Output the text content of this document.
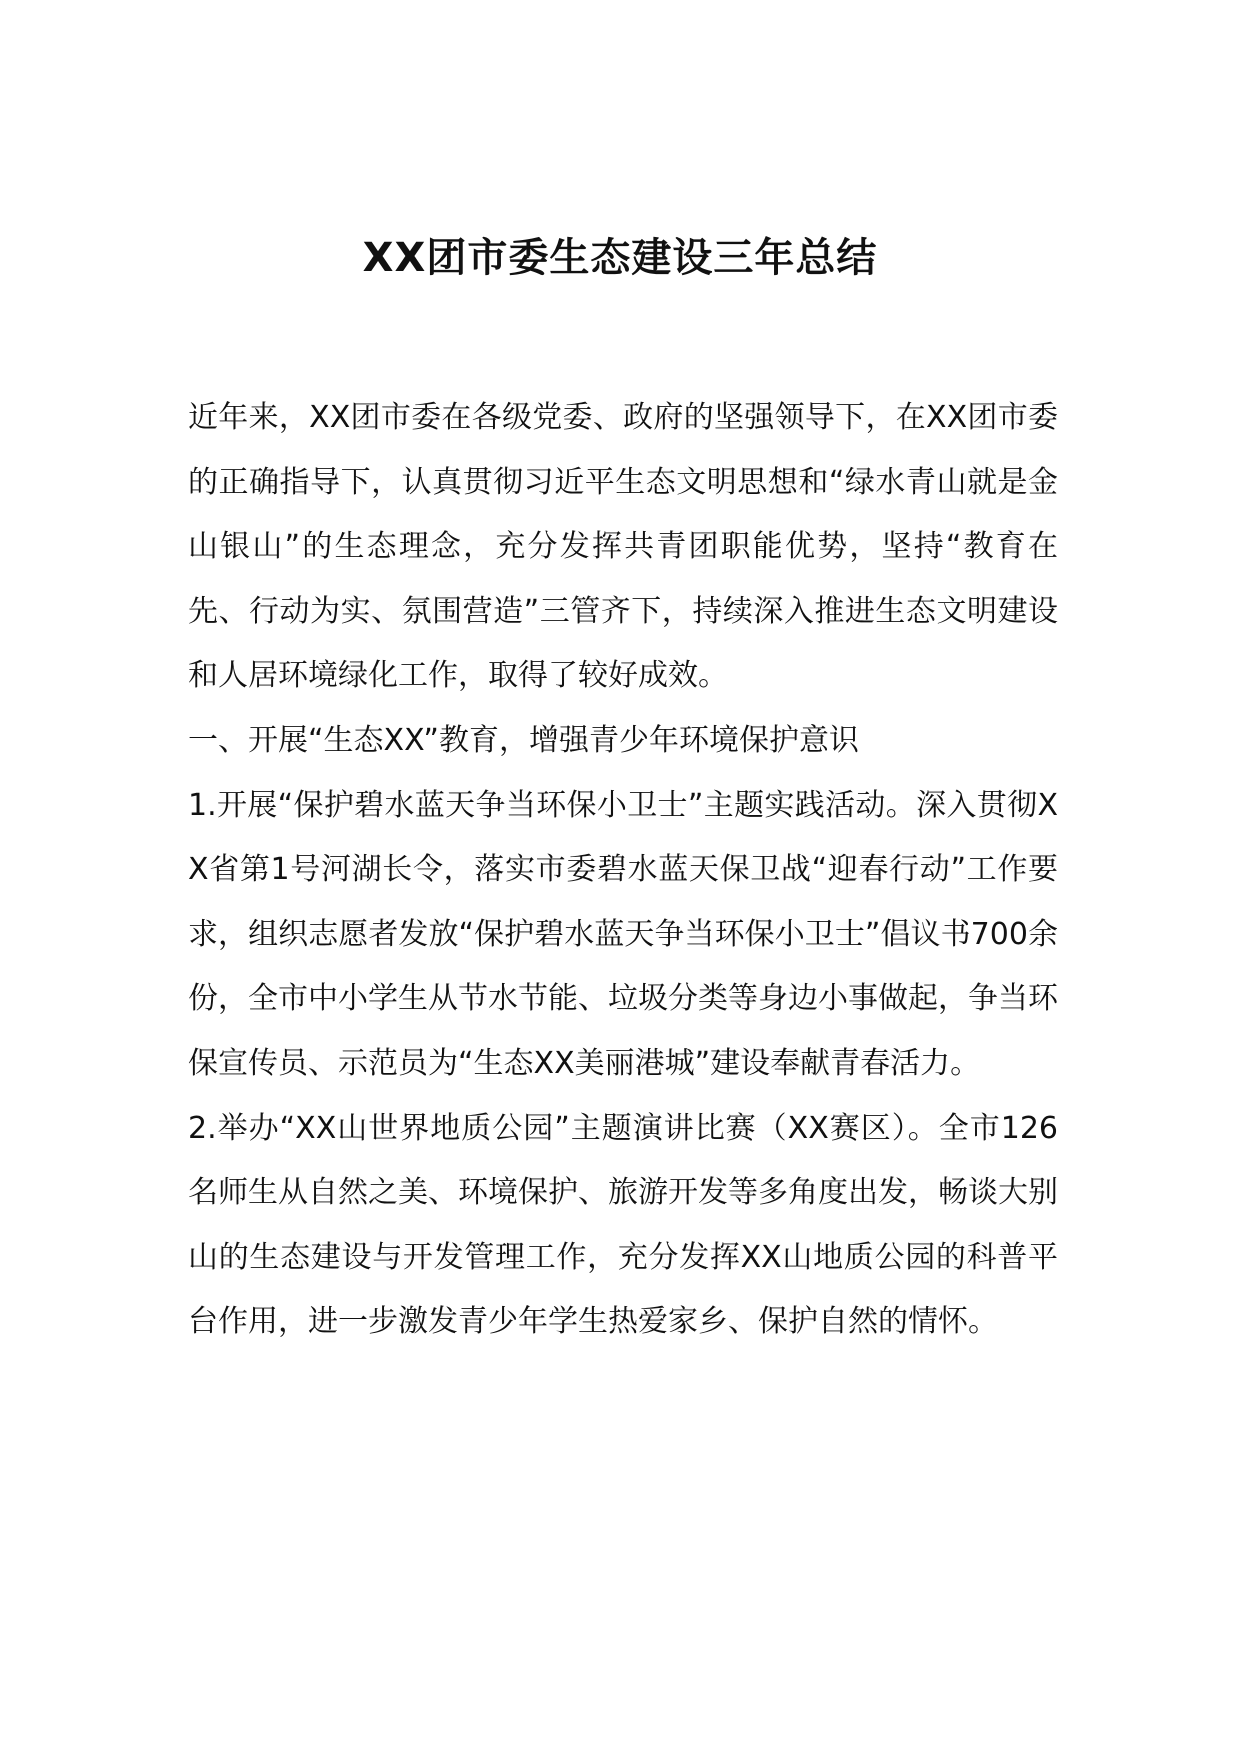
XX团市委生态建设三年总结

近年来，XX团市委在各级党委、政府的坚强领导下，在XX团市委的正确指导下，认真贯彻习近平生态文明思想和“绿水青山就是金山银山”的生态理念，充分发挥共青团职能优势，坚持“教育在先、行动为实、氛围营造”三管齐下，持续深入推进生态文明建设和人居环境绿化工作，取得了较好成效。

一、开展“生态XX”教育，增强青少年环境保护意识

1.开展“保护碧水蓝天争当环保小卫士”主题实践活动。深入贯彻XX省第1号河湖长令，落实市委碧水蓝天保卫战“迎春行动”工作要求，组织志愿者发放“保护碧水蓝天争当环保小卫士”倡议书700余份，全市中小学生从节水节能、垃圾分类等身边小事做起，争当环保宣传员、示范员为“生态XX美丽港城”建设奉献青春活力。

2.举办“XX山世界地质公园”主题演讲比赛（XX赛区）。全市126名师生从自然之美、环境保护、旅游开发等多角度出发，畅谈大别山的生态建设与开发管理工作，充分发挥XX山地质公园的科普平台作用，进一步激发青少年学生热爱家乡、保护自然的情怀。
